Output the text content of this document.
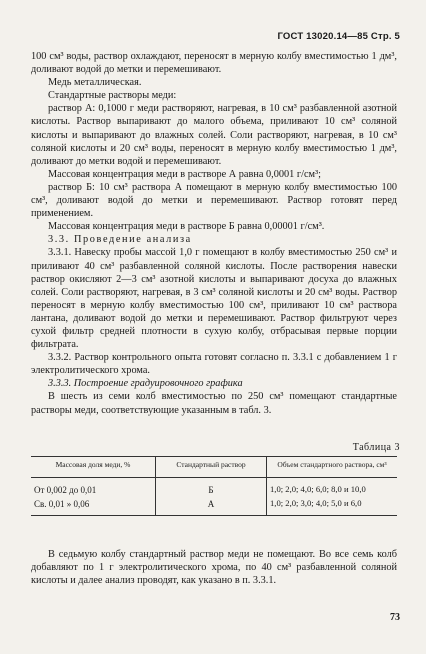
ГОСТ 13020.14—85 Стр. 5

100 см³ воды, раствор охлаждают, переносят в мерную колбу вместимостью 1 дм³, доливают водой до метки и перемешивают.

Медь металлическая.

Стандартные растворы меди:

раствор А: 0,1000 г меди растворяют, нагревая, в 10 см³ разбавленной азотной кислоты. Раствор выпаривают до малого объема, приливают 10 см³ соляной кислоты и выпаривают до влажных солей. Соли растворяют, нагревая, в 10 см³ соляной кислоты и 20 см³ воды, переносят в мерную колбу вместимостью 1 дм³, доливают до метки водой и перемешивают.

Массовая концентрация меди в растворе А равна 0,0001 г/см³;

раствор Б: 10 см³ раствора А помещают в мерную колбу вместимостью 100 см³, доливают водой до метки и перемешивают. Раствор готовят перед применением.

Массовая концентрация меди в растворе Б равна 0,00001 г/см³.

3.3. Проведение анализа

3.3.1. Навеску пробы массой 1,0 г помещают в колбу вместимостью 250 см³ и приливают 40 см³ разбавленной соляной кислоты. После растворения навески раствор окисляют 2—3 см³ азотной кислоты и выпаривают досуха до влажных солей. Соли растворяют, нагревая, в 3 см³ соляной кислоты и 20 см³ воды. Раствор переносят в мерную колбу вместимостью 100 см³, приливают 10 см³ раствора лантана, доливают водой до метки и перемешивают. Раствор фильтруют через сухой фильтр средней плотности в сухую колбу, отбрасывая первые порции фильтрата.

3.3.2. Раствор контрольного опыта готовят согласно п. 3.3.1 с добавлением 1 г электролитического хрома.

3.3.3. Построение градуировочного графика

В шесть из семи колб вместимостью по 250 см³ помещают стандартные растворы меди, соответствующие указанным в табл. 3.

Таблица 3
Массовая доля меди, %	Стандартный раствор	Объем стандартного раствора, см³
От 0,002 до 0,01	Б	1,0; 2,0; 4,0; 6,0; 8,0 и 10,0
Св. 0,01 » 0,06	А	1,0; 2,0; 3,0; 4,0; 5,0 и 6,0

В седьмую колбу стандартный раствор меди не помещают. Во все семь колб добавляют по 1 г электролитического хрома, по 40 см³ разбавленной соляной кислоты и далее анализ проводят, как указано в п. 3.3.1.

73
